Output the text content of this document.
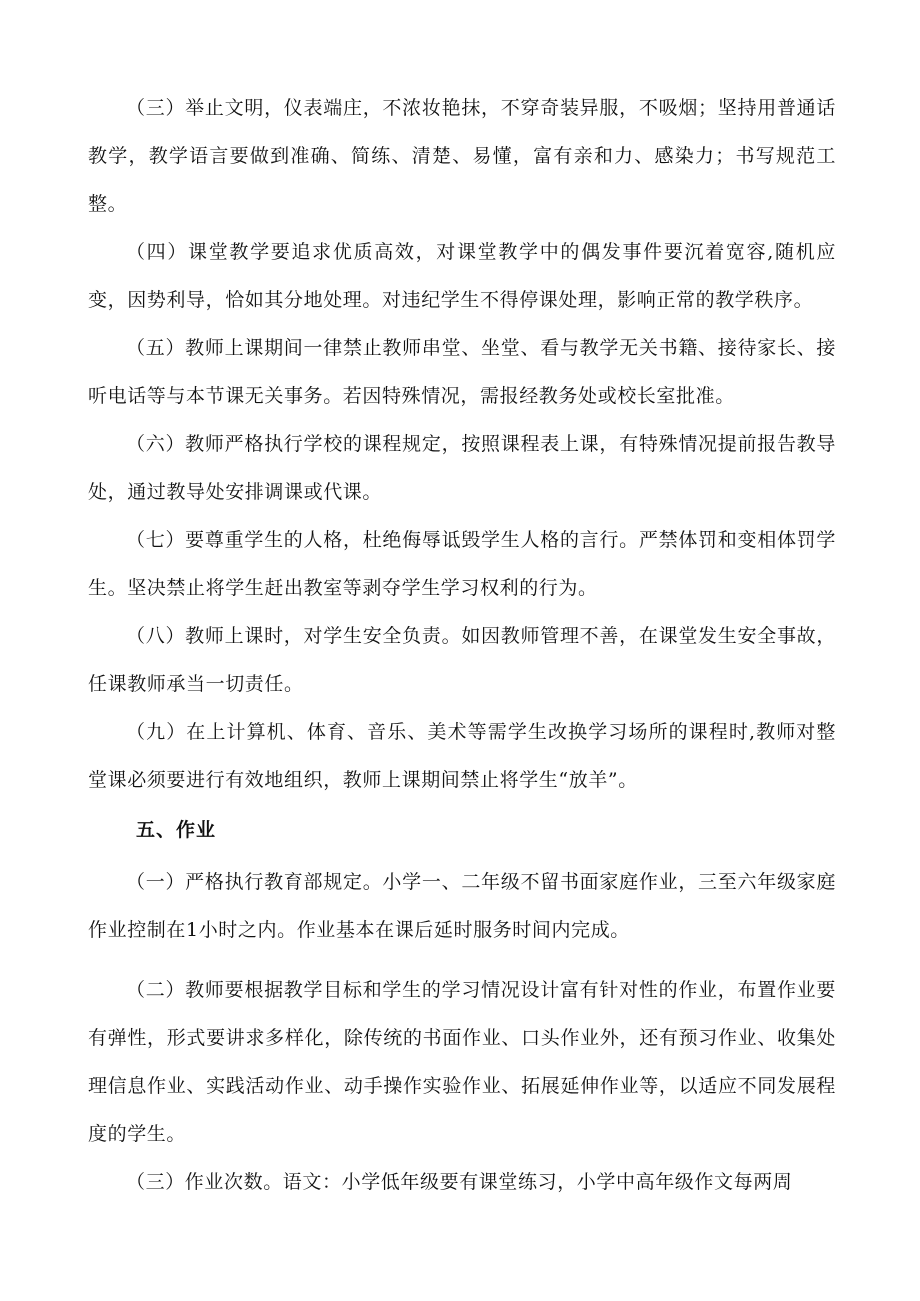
（三）举止文明，仪表端庄，不浓妆艳抹，不穿奇装异服，不吸烟；坚持用普通话教学，教学语言要做到准确、简练、清楚、易懂，富有亲和力、感染力；书写规范工整。

（四）课堂教学要追求优质高效，对课堂教学中的偶发事件要沉着宽容,随机应变，因势利导，恰如其分地处理。对违纪学生不得停课处理，影响正常的教学秩序。

（五）教师上课期间一律禁止教师串堂、坐堂、看与教学无关书籍、接待家长、接听电话等与本节课无关事务。若因特殊情况，需报经教务处或校长室批准。

（六）教师严格执行学校的课程规定，按照课程表上课，有特殊情况提前报告教导处，通过教导处安排调课或代课。

（七）要尊重学生的人格，杜绝侮辱诋毁学生人格的言行。严禁体罚和变相体罚学生。坚决禁止将学生赶出教室等剥夺学生学习权利的行为。

（八）教师上课时，对学生安全负责。如因教师管理不善，在课堂发生安全事故，任课教师承当一切责任。

（九）在上计算机、体育、音乐、美术等需学生改换学习场所的课程时,教师对整堂课必须要进行有效地组织，教师上课期间禁止将学生“放羊”。

五、作业

（一）严格执行教育部规定。小学一、二年级不留书面家庭作业，三至六年级家庭作业控制在1小时之内。作业基本在课后延时服务时间内完成。

（二）教师要根据教学目标和学生的学习情况设计富有针对性的作业，布置作业要有弹性，形式要讲求多样化，除传统的书面作业、口头作业外，还有预习作业、收集处理信息作业、实践活动作业、动手操作实验作业、拓展延伸作业等，以适应不同发展程度的学生。

（三）作业次数。语文：小学低年级要有课堂练习，小学中高年级作文每两周
